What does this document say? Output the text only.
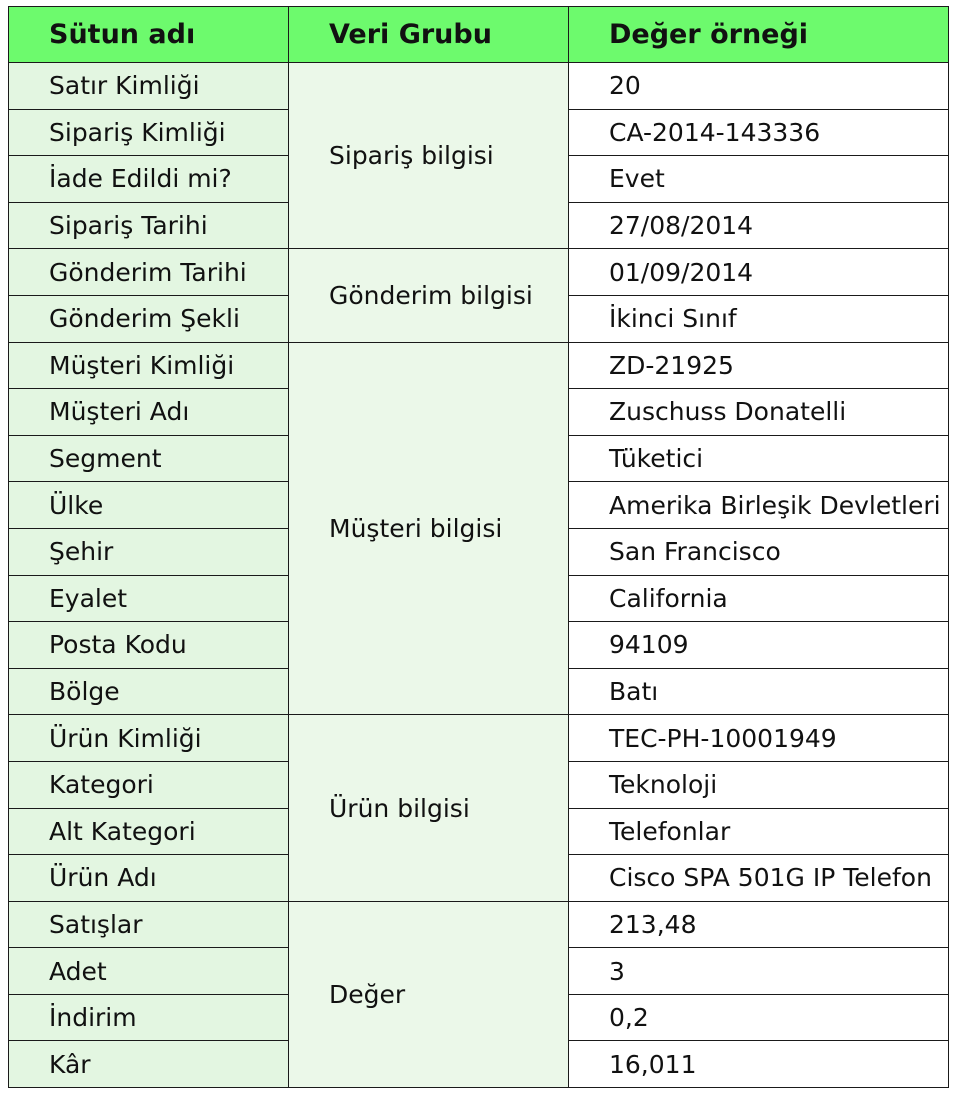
Sütun adı	Veri Grubu	Değer örneği
Satır Kimliği	Sipariş bilgisi	20
Sipariş Kimliği		CA-2014-143336
İade Edildi mi?		Evet
Sipariş Tarihi		27/08/2014
Gönderim Tarihi	Gönderim bilgisi	01/09/2014
Gönderim Şekli		İkinci Sınıf
Müşteri Kimliği	Müşteri bilgisi	ZD-21925
Müşteri Adı		Zuschuss Donatelli
Segment		Tüketici
Ülke		Amerika Birleşik Devletleri
Şehir		San Francisco
Eyalet		California
Posta Kodu		94109
Bölge		Batı
Ürün Kimliği	Ürün bilgisi	TEC-PH-10001949
Kategori		Teknoloji
Alt Kategori		Telefonlar
Ürün Adı		Cisco SPA 501G IP Telefon
Satışlar	Değer	213,48
Adet		3
İndirim		0,2
Kâr		16,011
